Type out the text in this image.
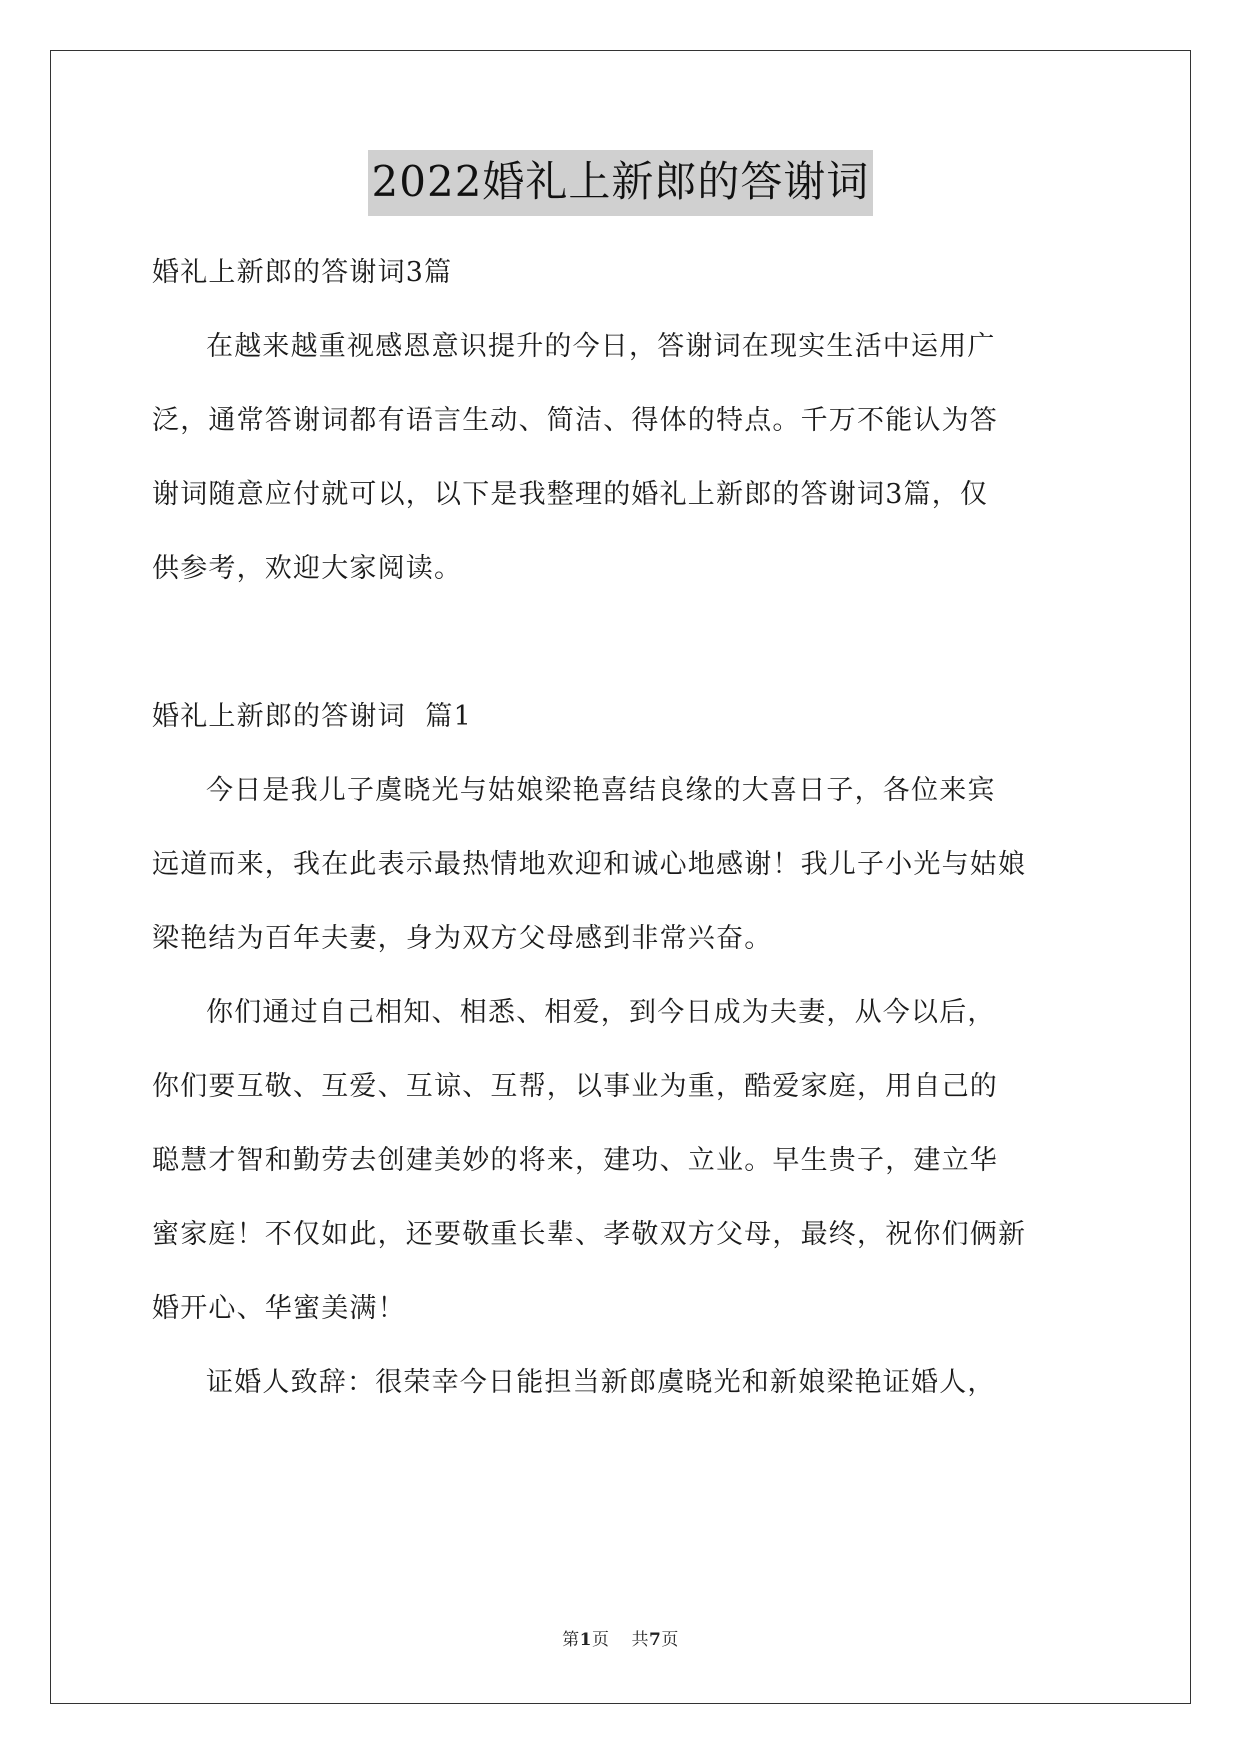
2022婚礼上新郎的答谢词

婚礼上新郎的答谢词3篇

在越来越重视感恩意识提升的今日，答谢词在现实生活中运用广

泛，通常答谢词都有语言生动、简洁、得体的特点。千万不能认为答

谢词随意应付就可以，以下是我整理的婚礼上新郎的答谢词3篇，仅

供参考，欢迎大家阅读。

婚礼上新郎的答谢词  篇1

今日是我儿子虞晓光与姑娘梁艳喜结良缘的大喜日子，各位来宾

远道而来，我在此表示最热情地欢迎和诚心地感谢！我儿子小光与姑娘

梁艳结为百年夫妻，身为双方父母感到非常兴奋。

你们通过自己相知、相悉、相爱，到今日成为夫妻，从今以后，

你们要互敬、互爱、互谅、互帮，以事业为重，酷爱家庭，用自己的

聪慧才智和勤劳去创建美妙的将来，建功、立业。早生贵子，建立华

蜜家庭！不仅如此，还要敬重长辈、孝敬双方父母，最终，祝你们俩新

婚开心、华蜜美满！

证婚人致辞：很荣幸今日能担当新郎虞晓光和新娘梁艳证婚人，

第1页 共7页
